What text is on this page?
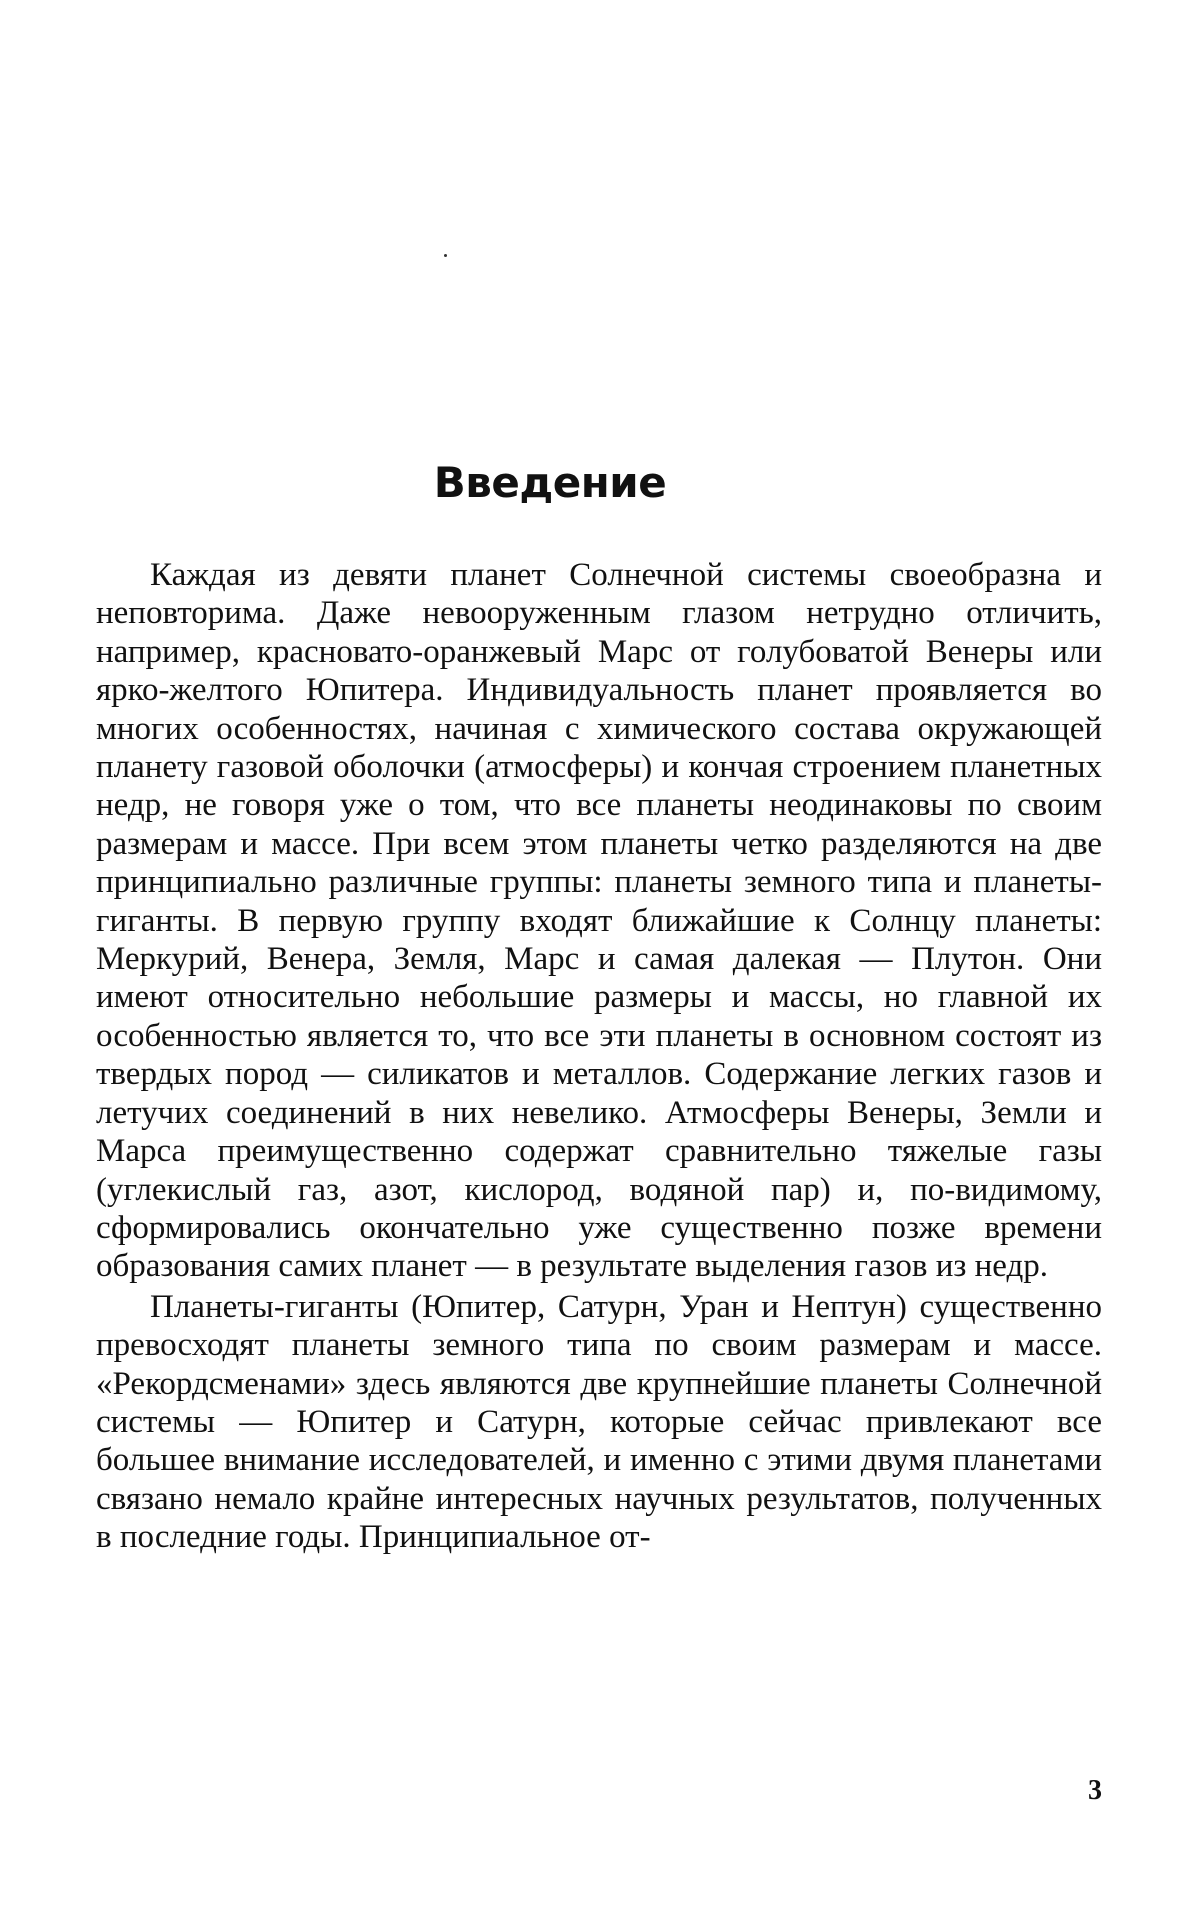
Введение

Каждая из девяти планет Солнечной системы своеобразна и неповторима. Даже невооруженным глазом нетрудно отличить, например, красновато-оранжевый Марс от голубоватой Венеры или ярко-желтого Юпитера. Индивидуальность планет проявляется во многих особенностях, начиная с химического состава окружающей планету газовой оболочки (атмосферы) и кончая строением планетных недр, не говоря уже о том, что все планеты неодинаковы по своим размерам и массе. При всем этом планеты четко разделяются на две принципиально различные группы: планеты земного типа и планеты-гиганты. В первую группу входят ближайшие к Солнцу планеты: Меркурий, Венера, Земля, Марс и самая далекая — Плутон. Они имеют относительно небольшие размеры и массы, но главной их особенностью является то, что все эти планеты в основном состоят из твердых пород — силикатов и металлов. Содержание легких газов и летучих соединений в них невелико. Атмосферы Венеры, Земли и Марса преимущественно содержат сравнительно тяжелые газы (углекислый газ, азот, кислород, водяной пар) и, по-видимому, сформировались окончательно уже существенно позже времени образования самих планет — в результате выделения газов из недр.

Планеты-гиганты (Юпитер, Сатурн, Уран и Нептун) существенно превосходят планеты земного типа по своим размерам и массе. «Рекордсменами» здесь являются две крупнейшие планеты Солнечной системы — Юпитер и Сатурн, которые сейчас привлекают все большее внимание исследователей, и именно с этими двумя планетами связано немало крайне интересных научных результатов, полученных в последние годы. Принципиальное от-

3
